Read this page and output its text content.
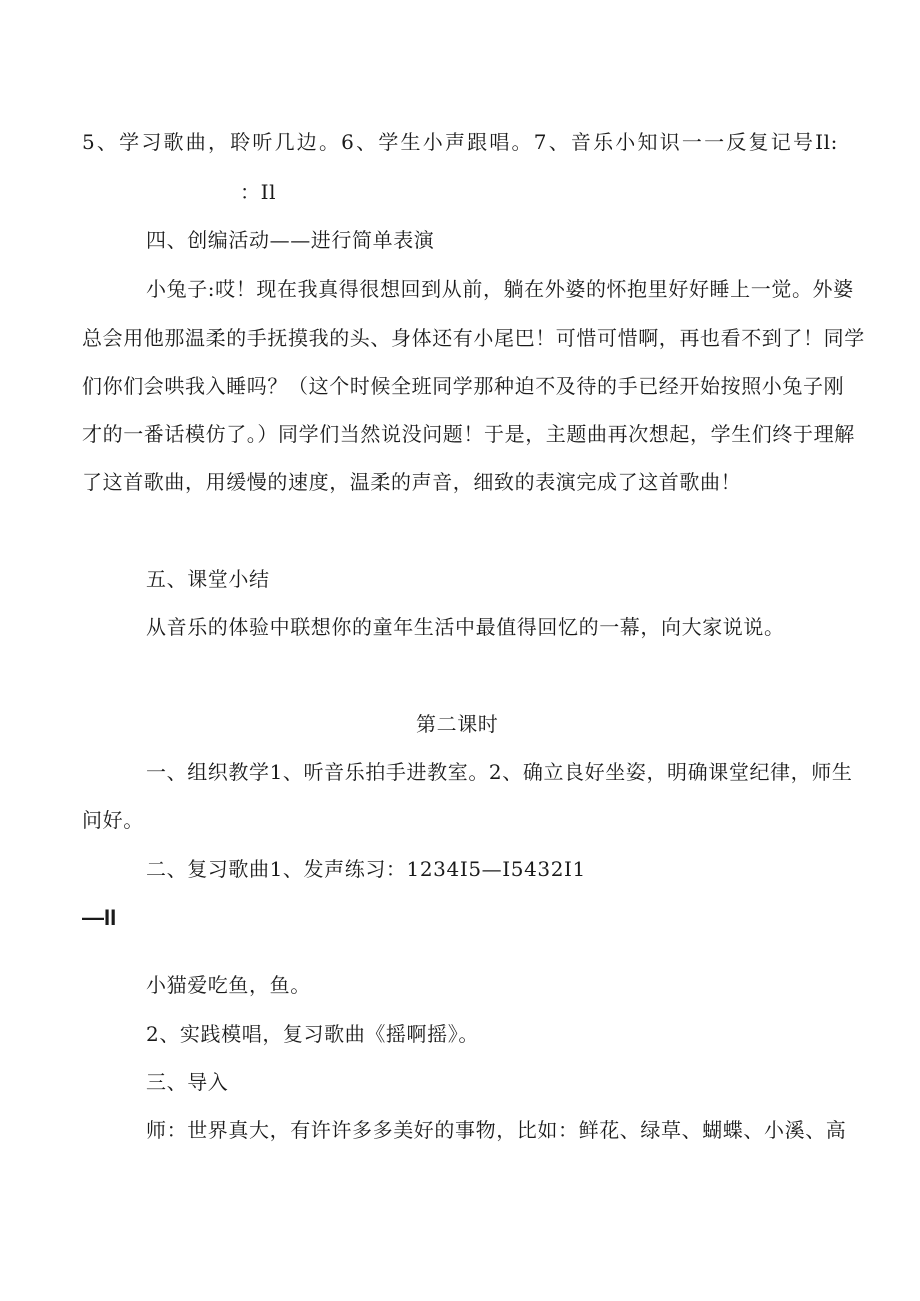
5、学习歌曲，聆听几边。6、学生小声跟唱。7、音乐小知识一一反复记号Il:
：Il
四、创编活动——进行简单表演
小兔子:哎！现在我真得很想回到从前，躺在外婆的怀抱里好好睡上一觉。外婆
总会用他那温柔的手抚摸我的头、身体还有小尾巴！可惜可惜啊，再也看不到了！同学
们你们会哄我入睡吗？（这个时候全班同学那种迫不及待的手已经开始按照小兔子刚
才的一番话模仿了。）同学们当然说没问题！于是，主题曲再次想起，学生们终于理解
了这首歌曲，用缓慢的速度，温柔的声音，细致的表演完成了这首歌曲！
五、课堂小结
从音乐的体验中联想你的童年生活中最值得回忆的一幕，向大家说说。
第二课时
一、组织教学1、听音乐拍手进教室。2、确立良好坐姿，明确课堂纪律，师生
问好。
二、复习歌曲1、发声练习：1234I5—I5432I1
—II
小猫爱吃鱼，鱼。
2、实践模唱，复习歌曲《摇啊摇》。
三、导入
师：世界真大，有许许多多美好的事物，比如：鲜花、绿草、蝴蝶、小溪、高
